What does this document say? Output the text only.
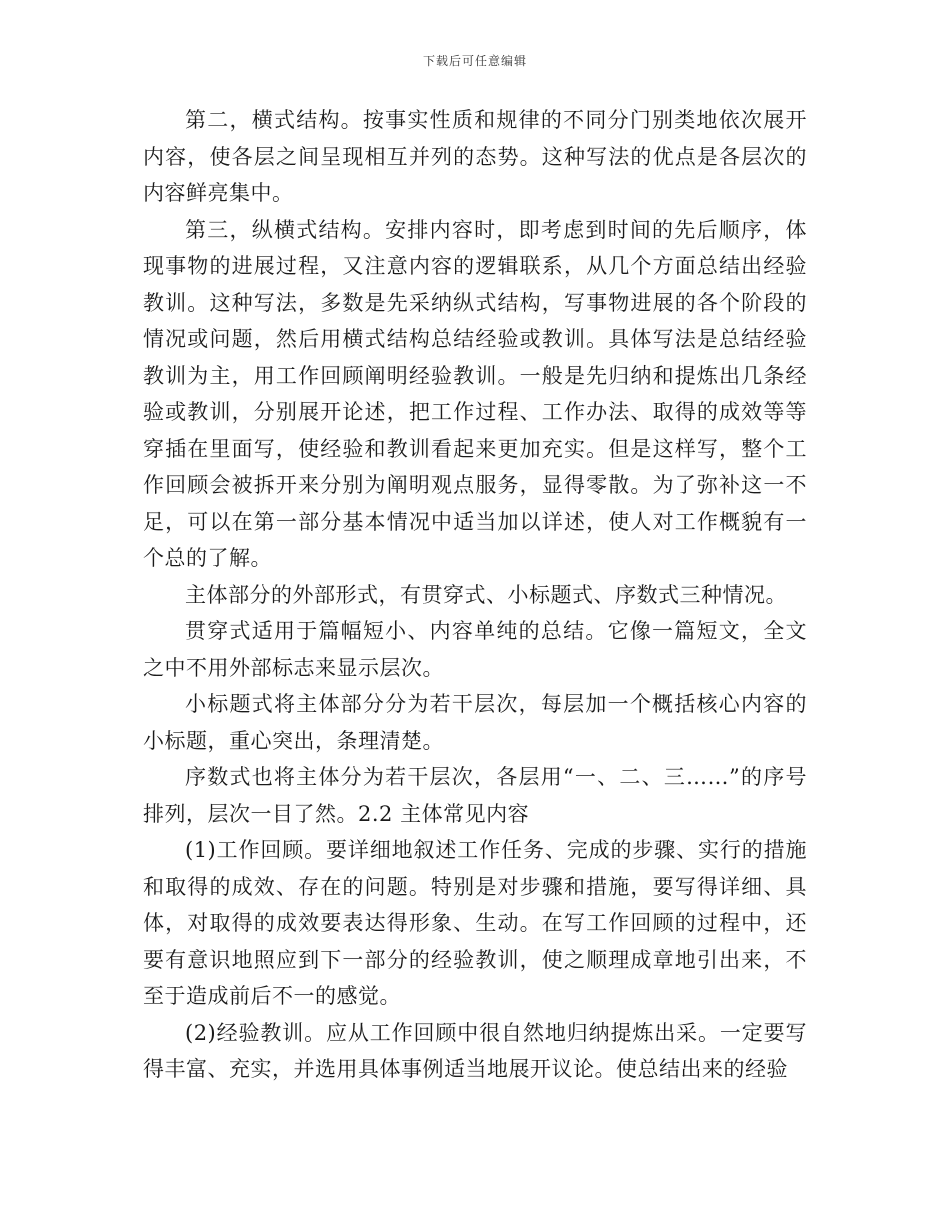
下载后可任意编辑

第二，横式结构。按事实性质和规律的不同分门别类地依次展开内容，使各层之间呈现相互并列的态势。这种写法的优点是各层次的内容鲜亮集中。

第三，纵横式结构。安排内容时，即考虑到时间的先后顺序，体现事物的进展过程，又注意内容的逻辑联系，从几个方面总结出经验教训。这种写法，多数是先采纳纵式结构，写事物进展的各个阶段的情况或问题，然后用横式结构总结经验或教训。具体写法是总结经验教训为主，用工作回顾阐明经验教训。一般是先归纳和提炼出几条经验或教训，分别展开论述，把工作过程、工作办法、取得的成效等等穿插在里面写，使经验和教训看起来更加充实。但是这样写，整个工作回顾会被拆开来分别为阐明观点服务，显得零散。为了弥补这一不足，可以在第一部分基本情况中适当加以详述，使人对工作概貌有一个总的了解。

主体部分的外部形式，有贯穿式、小标题式、序数式三种情况。

贯穿式适用于篇幅短小、内容单纯的总结。它像一篇短文，全文之中不用外部标志来显示层次。

小标题式将主体部分分为若干层次，每层加一个概括核心内容的小标题，重心突出，条理清楚。

序数式也将主体分为若干层次，各层用“一、二、三……”的序号排列，层次一目了然。2.2 主体常见内容

(1)工作回顾。要详细地叙述工作任务、完成的步骤、实行的措施和取得的成效、存在的问题。特别是对步骤和措施，要写得详细、具体，对取得的成效要表达得形象、生动。在写工作回顾的过程中，还要有意识地照应到下一部分的经验教训，使之顺理成章地引出来，不至于造成前后不一的感觉。

(2)经验教训。应从工作回顾中很自然地归纳提炼出采。一定要写得丰富、充实，并选用具体事例适当地展开议论。使总结出来的经验
